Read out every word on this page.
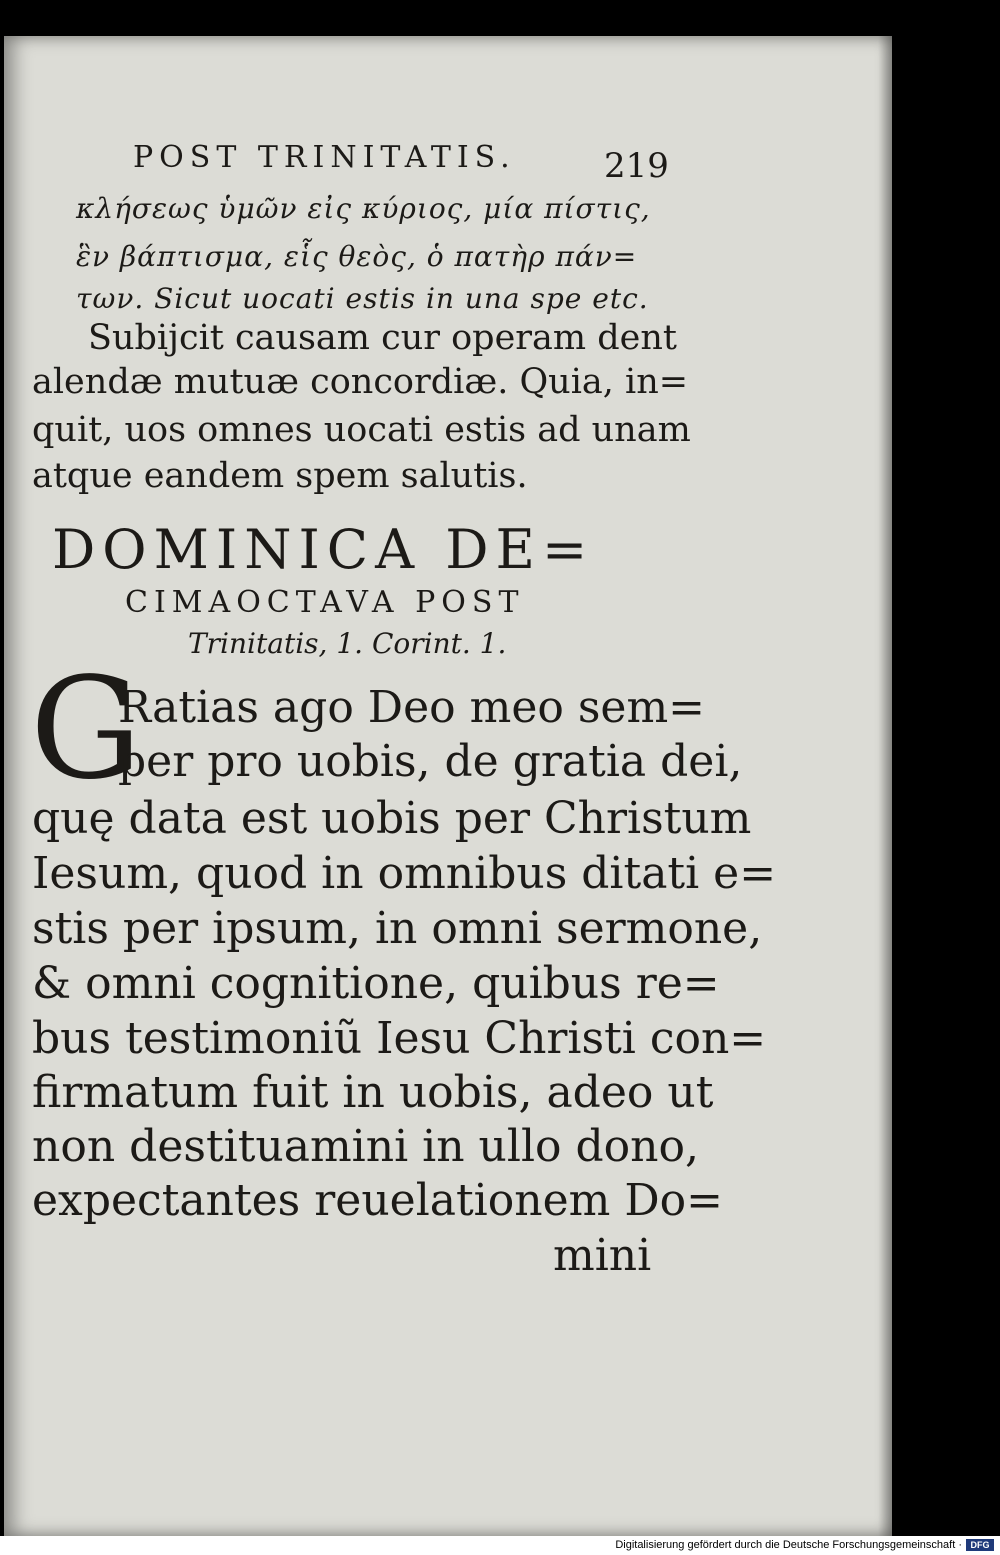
POST TRINITATIS.	219
κλήσεως ὑμῶν εἰς κύριος, μία πίστις,
ἓν βάπτισμα, εἷς θεὸς, ὁ πατὴρ πάν=
των. Sicut uocati estis in una spe etc.
Subijcit causam cur operam dent
alendæ mutuæ concordiæ. Quia, in=
quit, uos omnes uocati estis ad unam
atque eandem spem salutis.
DOMINICA DE=
CIMAOCTAVA POST
Trinitatis, 1. Corint. 1.
G
Ratias ago Deo meo sem=
per pro uobis, de gratia dei,
quę data est uobis per Christum
Iesum, quod in omnibus ditati e=
stis per ipsum, in omni sermone,
& omni cognitione, quibus re=
bus testimoniũ Iesu Christi con=
firmatum fuit in uobis, adeo ut
non destituamini in ullo dono,
expectantes reuelationem Do=
mini
Digitalisierung gefördert durch die Deutsche Forschungsgemeinschaft · DFG
